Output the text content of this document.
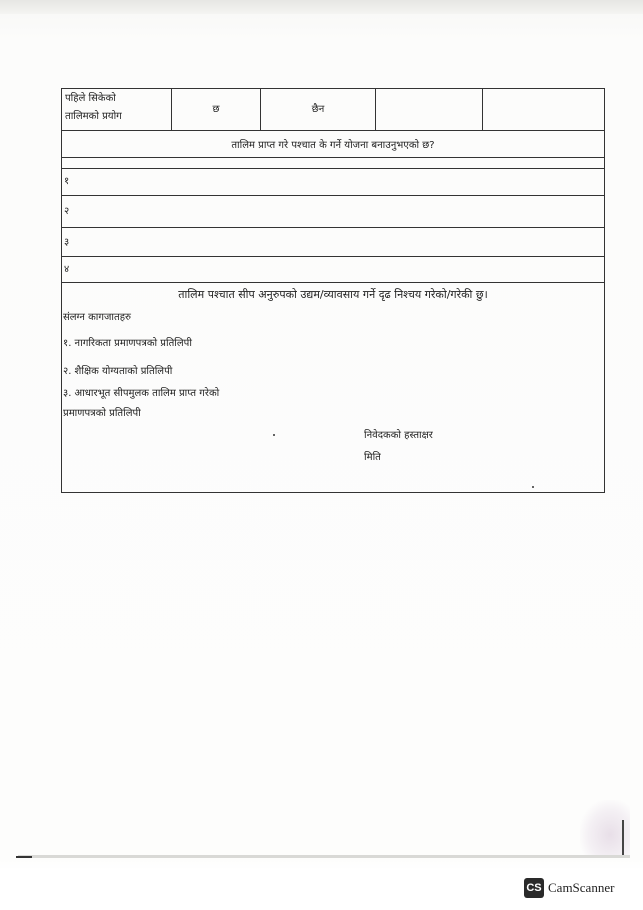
पहिले सिकेको
तालिमको प्रयोग
छ	छैन
तालिम प्राप्त गरे पश्चात के गर्ने योजना बनाउनुभएको छ?
१
२
३
४
तालिम पश्चात सीप अनुरुपको उद्यम/व्यावसाय गर्ने दृढ निश्चय गरेको/गरेकी छु।
संलग्न कागजातहरु
१. नागरिकता प्रमाणपत्रको प्रतिलिपी
२. शैक्षिक योग्यताको प्रतिलिपी
३. आधारभूत सीपमुलक तालिम प्राप्त गरेको
प्रमाणपत्रको प्रतिलिपी
निवेदकको हस्ताक्षर
मिति
CS CamScanner
